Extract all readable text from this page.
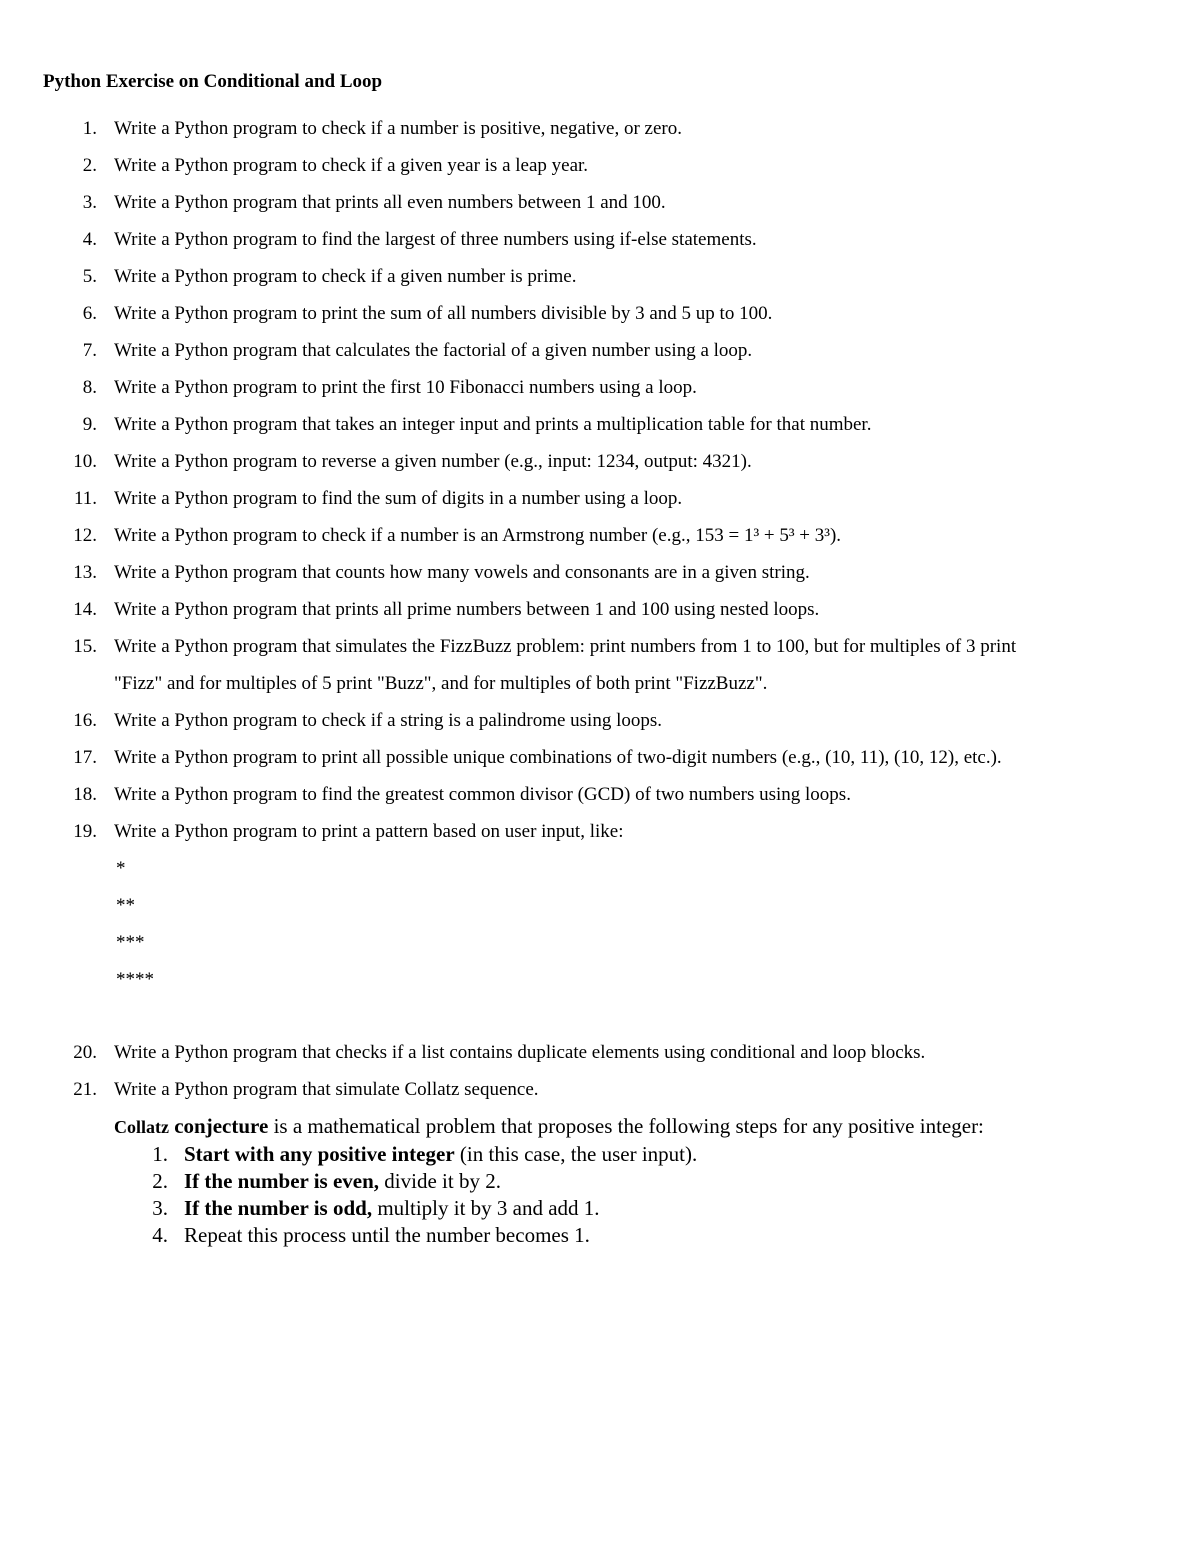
Python Exercise on Conditional and Loop
1. Write a Python program to check if a number is positive, negative, or zero.
2. Write a Python program to check if a given year is a leap year.
3. Write a Python program that prints all even numbers between 1 and 100.
4. Write a Python program to find the largest of three numbers using if-else statements.
5. Write a Python program to check if a given number is prime.
6. Write a Python program to print the sum of all numbers divisible by 3 and 5 up to 100.
7. Write a Python program that calculates the factorial of a given number using a loop.
8. Write a Python program to print the first 10 Fibonacci numbers using a loop.
9. Write a Python program that takes an integer input and prints a multiplication table for that number.
10. Write a Python program to reverse a given number (e.g., input: 1234, output: 4321).
11. Write a Python program to find the sum of digits in a number using a loop.
12. Write a Python program to check if a number is an Armstrong number (e.g., 153 = 1³ + 5³ + 3³).
13. Write a Python program that counts how many vowels and consonants are in a given string.
14. Write a Python program that prints all prime numbers between 1 and 100 using nested loops.
15. Write a Python program that simulates the FizzBuzz problem: print numbers from 1 to 100, but for multiples of 3 print
"Fizz" and for multiples of 5 print "Buzz", and for multiples of both print "FizzBuzz".
16. Write a Python program to check if a string is a palindrome using loops.
17. Write a Python program to print all possible unique combinations of two-digit numbers (e.g., (10, 11), (10, 12), etc.).
18. Write a Python program to find the greatest common divisor (GCD) of two numbers using loops.
19. Write a Python program to print a pattern based on user input, like:
*
**
***
****
20. Write a Python program that checks if a list contains duplicate elements using conditional and loop blocks.
21. Write a Python program that simulate Collatz sequence.
Collatz conjecture is a mathematical problem that proposes the following steps for any positive integer:
1. Start with any positive integer (in this case, the user input).
2. If the number is even, divide it by 2.
3. If the number is odd, multiply it by 3 and add 1.
4. Repeat this process until the number becomes 1.
